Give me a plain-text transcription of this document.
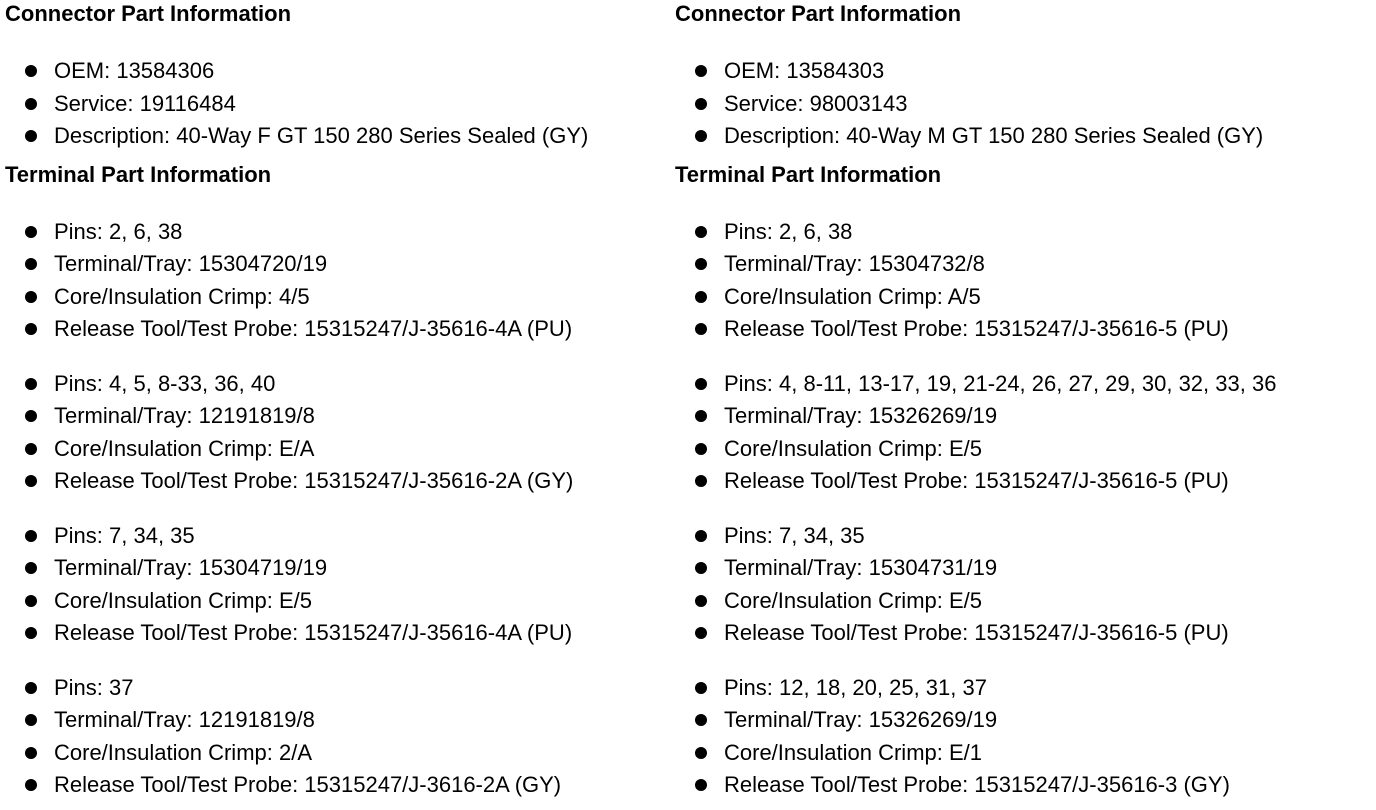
Connector Part Information
OEM: 13584306
Service: 19116484
Description: 40-Way F GT 150 280 Series Sealed (GY)
Terminal Part Information
Pins: 2, 6, 38
Terminal/Tray: 15304720/19
Core/Insulation Crimp: 4/5
Release Tool/Test Probe: 15315247/J-35616-4A (PU)
Pins: 4, 5, 8-33, 36, 40
Terminal/Tray: 12191819/8
Core/Insulation Crimp: E/A
Release Tool/Test Probe: 15315247/J-35616-2A (GY)
Pins: 7, 34, 35
Terminal/Tray: 15304719/19
Core/Insulation Crimp: E/5
Release Tool/Test Probe: 15315247/J-35616-4A (PU)
Pins: 37
Terminal/Tray: 12191819/8
Core/Insulation Crimp: 2/A
Release Tool/Test Probe: 15315247/J-3616-2A (GY)
Connector Part Information
OEM: 13584303
Service: 98003143
Description: 40-Way M GT 150 280 Series Sealed (GY)
Terminal Part Information
Pins: 2, 6, 38
Terminal/Tray: 15304732/8
Core/Insulation Crimp: A/5
Release Tool/Test Probe: 15315247/J-35616-5 (PU)
Pins: 4, 8-11, 13-17, 19, 21-24, 26, 27, 29, 30, 32, 33, 36
Terminal/Tray: 15326269/19
Core/Insulation Crimp: E/5
Release Tool/Test Probe: 15315247/J-35616-5 (PU)
Pins: 7, 34, 35
Terminal/Tray: 15304731/19
Core/Insulation Crimp: E/5
Release Tool/Test Probe: 15315247/J-35616-5 (PU)
Pins: 12, 18, 20, 25, 31, 37
Terminal/Tray: 15326269/19
Core/Insulation Crimp: E/1
Release Tool/Test Probe: 15315247/J-35616-3 (GY)
